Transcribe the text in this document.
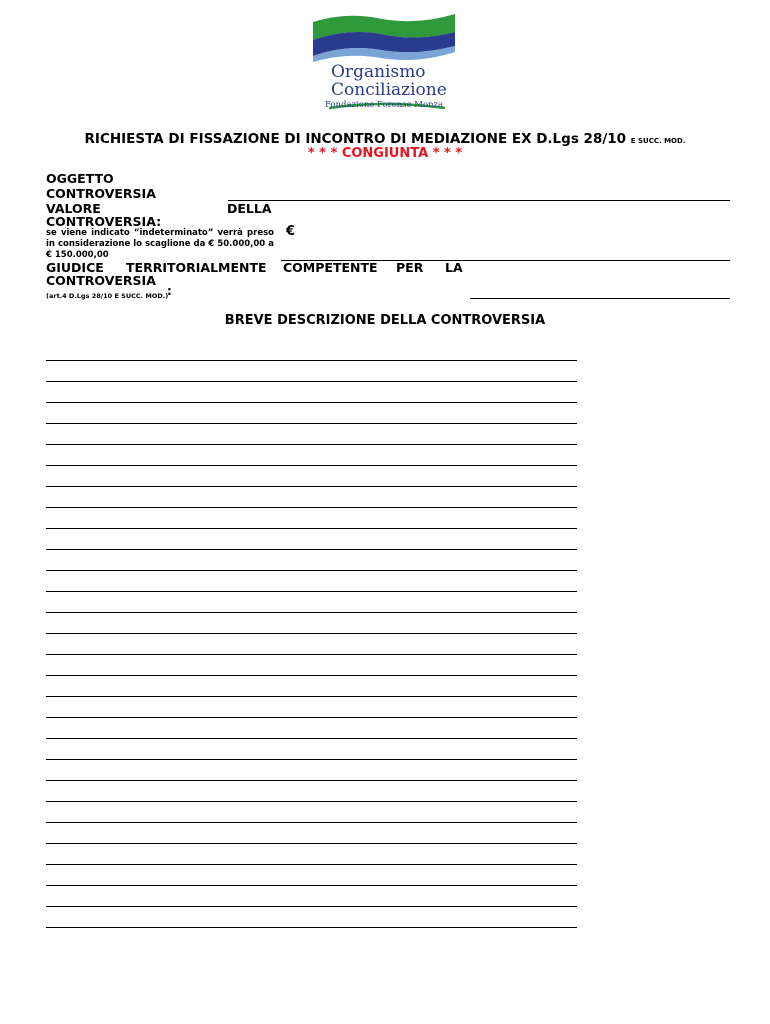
Organismo
Conciliazione
Fondazione Forense Monza
RICHIESTA DI FISSAZIONE DI INCONTRO DI MEDIAZIONE EX D.Lgs 28/10 E SUCC. MOD.
* * * CONGIUNTA * * *
OGGETTO
CONTROVERSIA
VALORE	DELLA
CONTROVERSIA:
se viene indicato “indeterminato” verrà preso in considerazione lo scaglione da € 50.000,00 a € 150.000,00
€
GIUDICE TERRITORIALMENTE COMPETENTE PER LA
CONTROVERSIA
(art.4 D.Lgs 28/10 E SUCC. MOD.)
:
BREVE DESCRIZIONE DELLA CONTROVERSIA
